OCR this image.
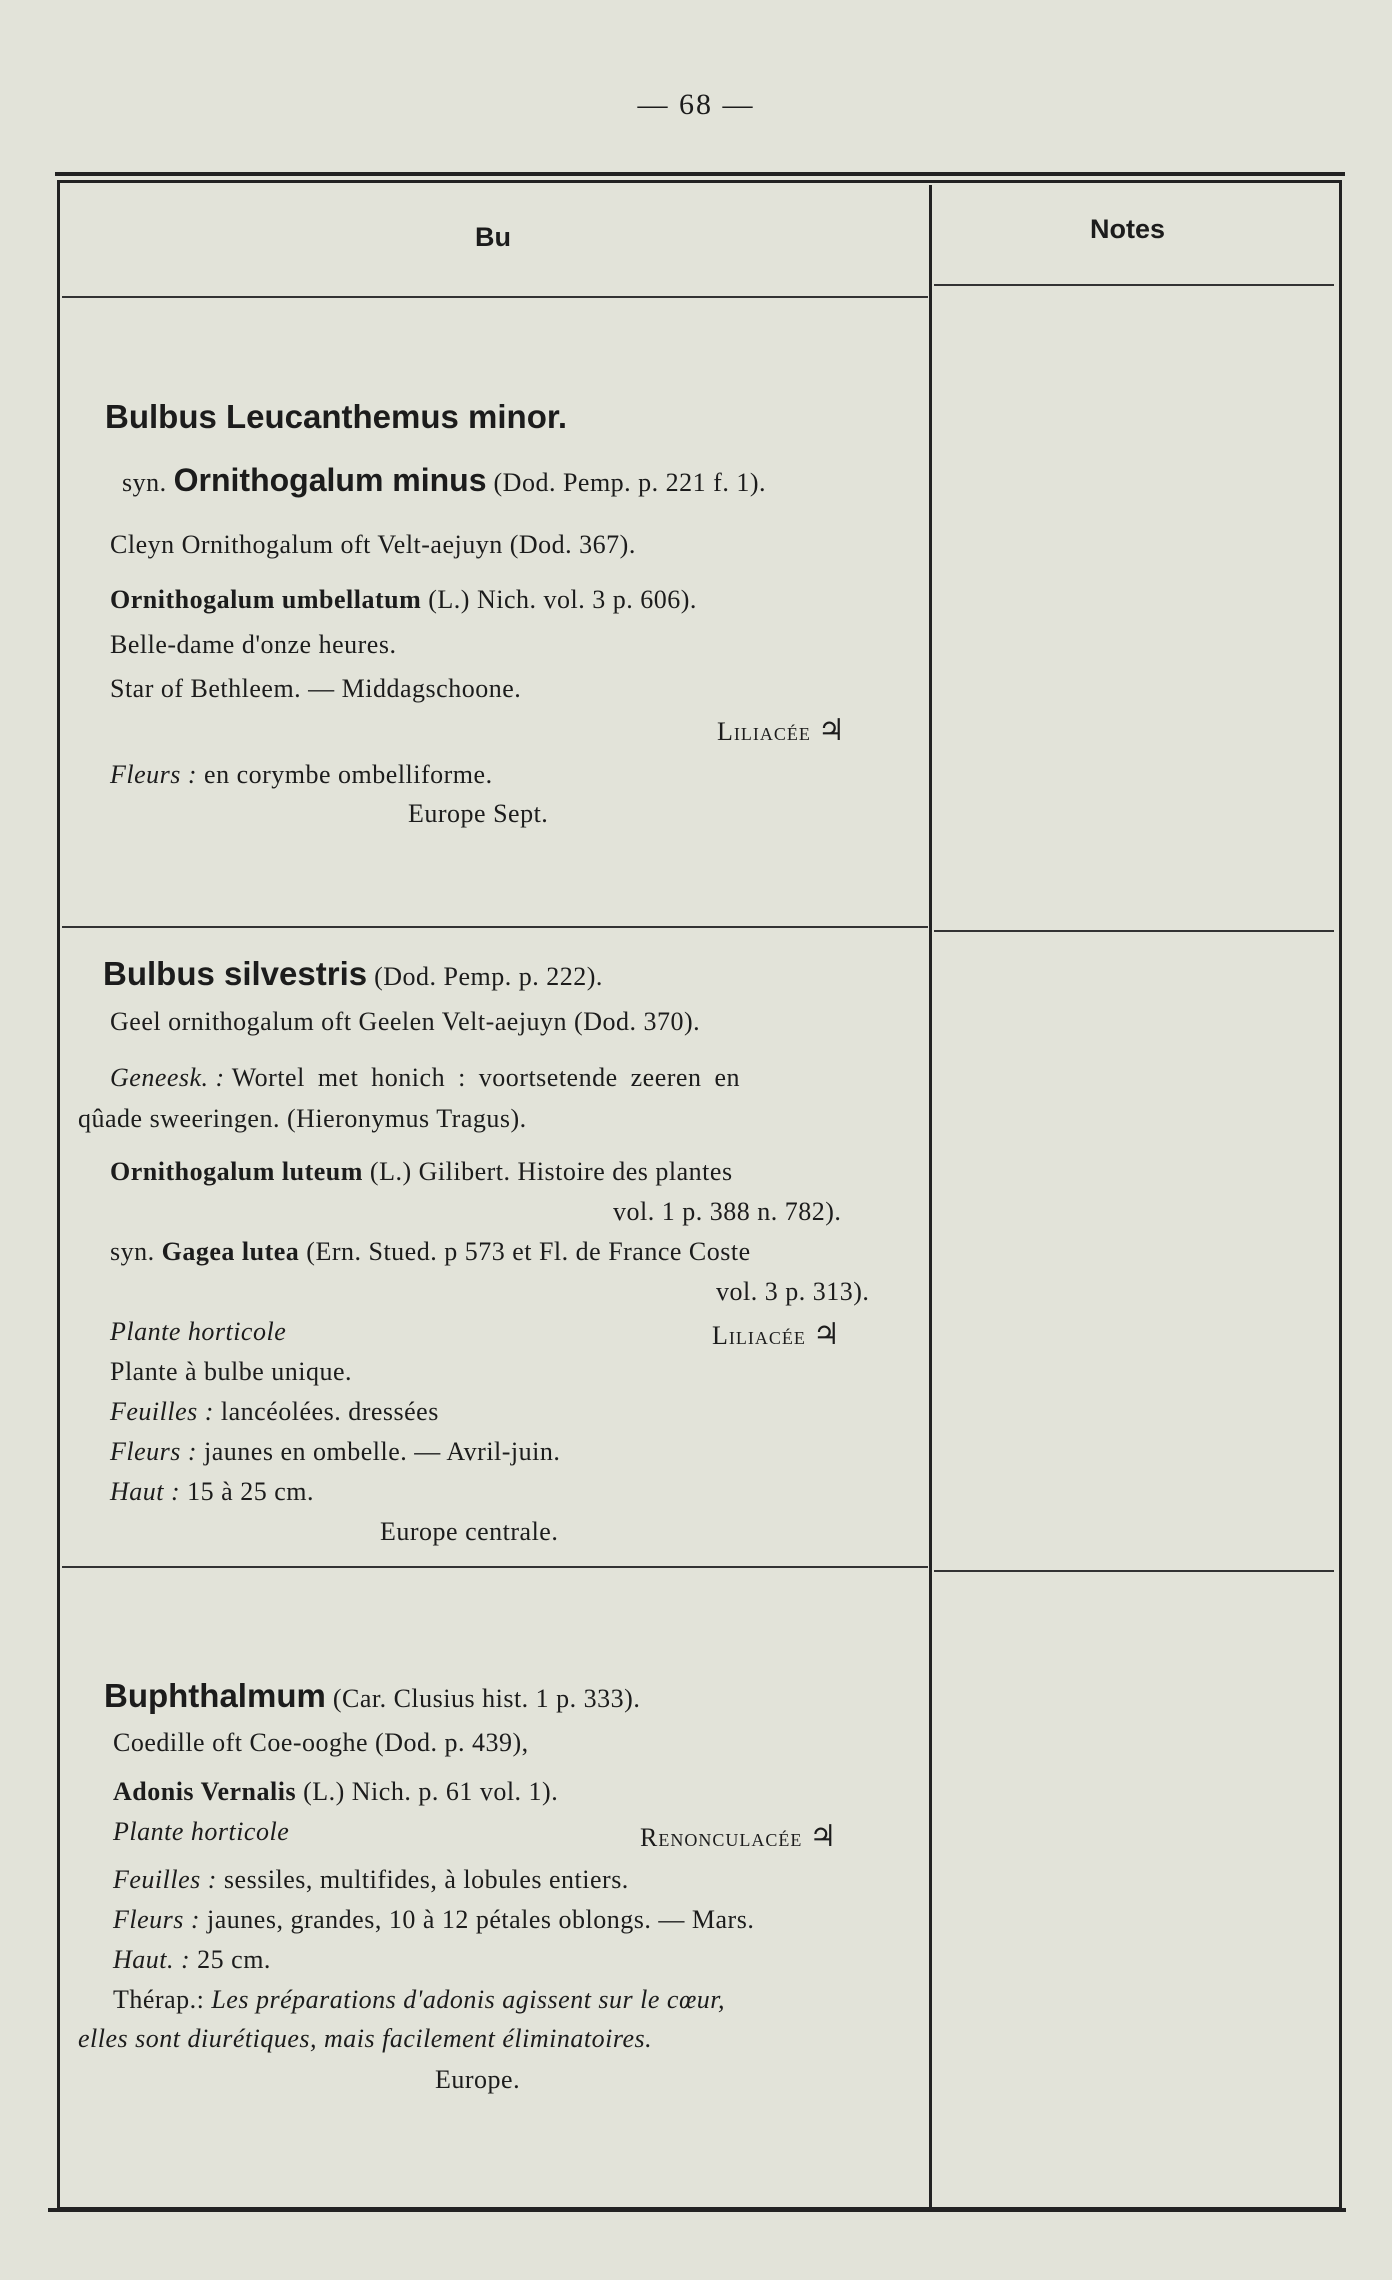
— 68 —
Bu	Notes
Bulbus Leucanthemus minor.
syn. Ornithogalum minus (Dod. Pemp. p. 221 f. 1).
Cleyn Ornithogalum oft Velt-aejuyn (Dod. 367).
Ornithogalum umbellatum (L.) Nich. vol. 3 p. 606).
Belle-dame d'onze heures.
Star of Bethleem. — Middagschoone.
Liliacée ♃
Fleurs : en corymbe ombelliforme.
Europe Sept.
Bulbus silvestris (Dod. Pemp. p. 222).
Geel ornithogalum oft Geelen Velt-aejuyn (Dod. 370).
Geneesk. : Wortel met honich : voortsetende zeeren en
qûade sweeringen. (Hieronymus Tragus).
Ornithogalum luteum (L.) Gilibert. Histoire des plantes
vol. 1 p. 388 n. 782).
syn. Gagea lutea (Ern. Stued. p 573 et Fl. de France Coste
vol. 3 p. 313).
Plante horticole	Liliacée ♃
Plante à bulbe unique.
Feuilles : lancéolées. dressées
Fleurs : jaunes en ombelle. — Avril-juin.
Haut : 15 à 25 cm.
Europe centrale.
Buphthalmum (Car. Clusius hist. 1 p. 333).
Coedille oft Coe-ooghe (Dod. p. 439),
Adonis Vernalis (L.) Nich. p. 61 vol. 1).
Plante horticole	Renonculacée ♃
Feuilles : sessiles, multifides, à lobules entiers.
Fleurs : jaunes, grandes, 10 à 12 pétales oblongs. — Mars.
Haut. : 25 cm.
Thérap.: Les préparations d'adonis agissent sur le cœur,
elles sont diurétiques, mais facilement éliminatoires.
Europe.
